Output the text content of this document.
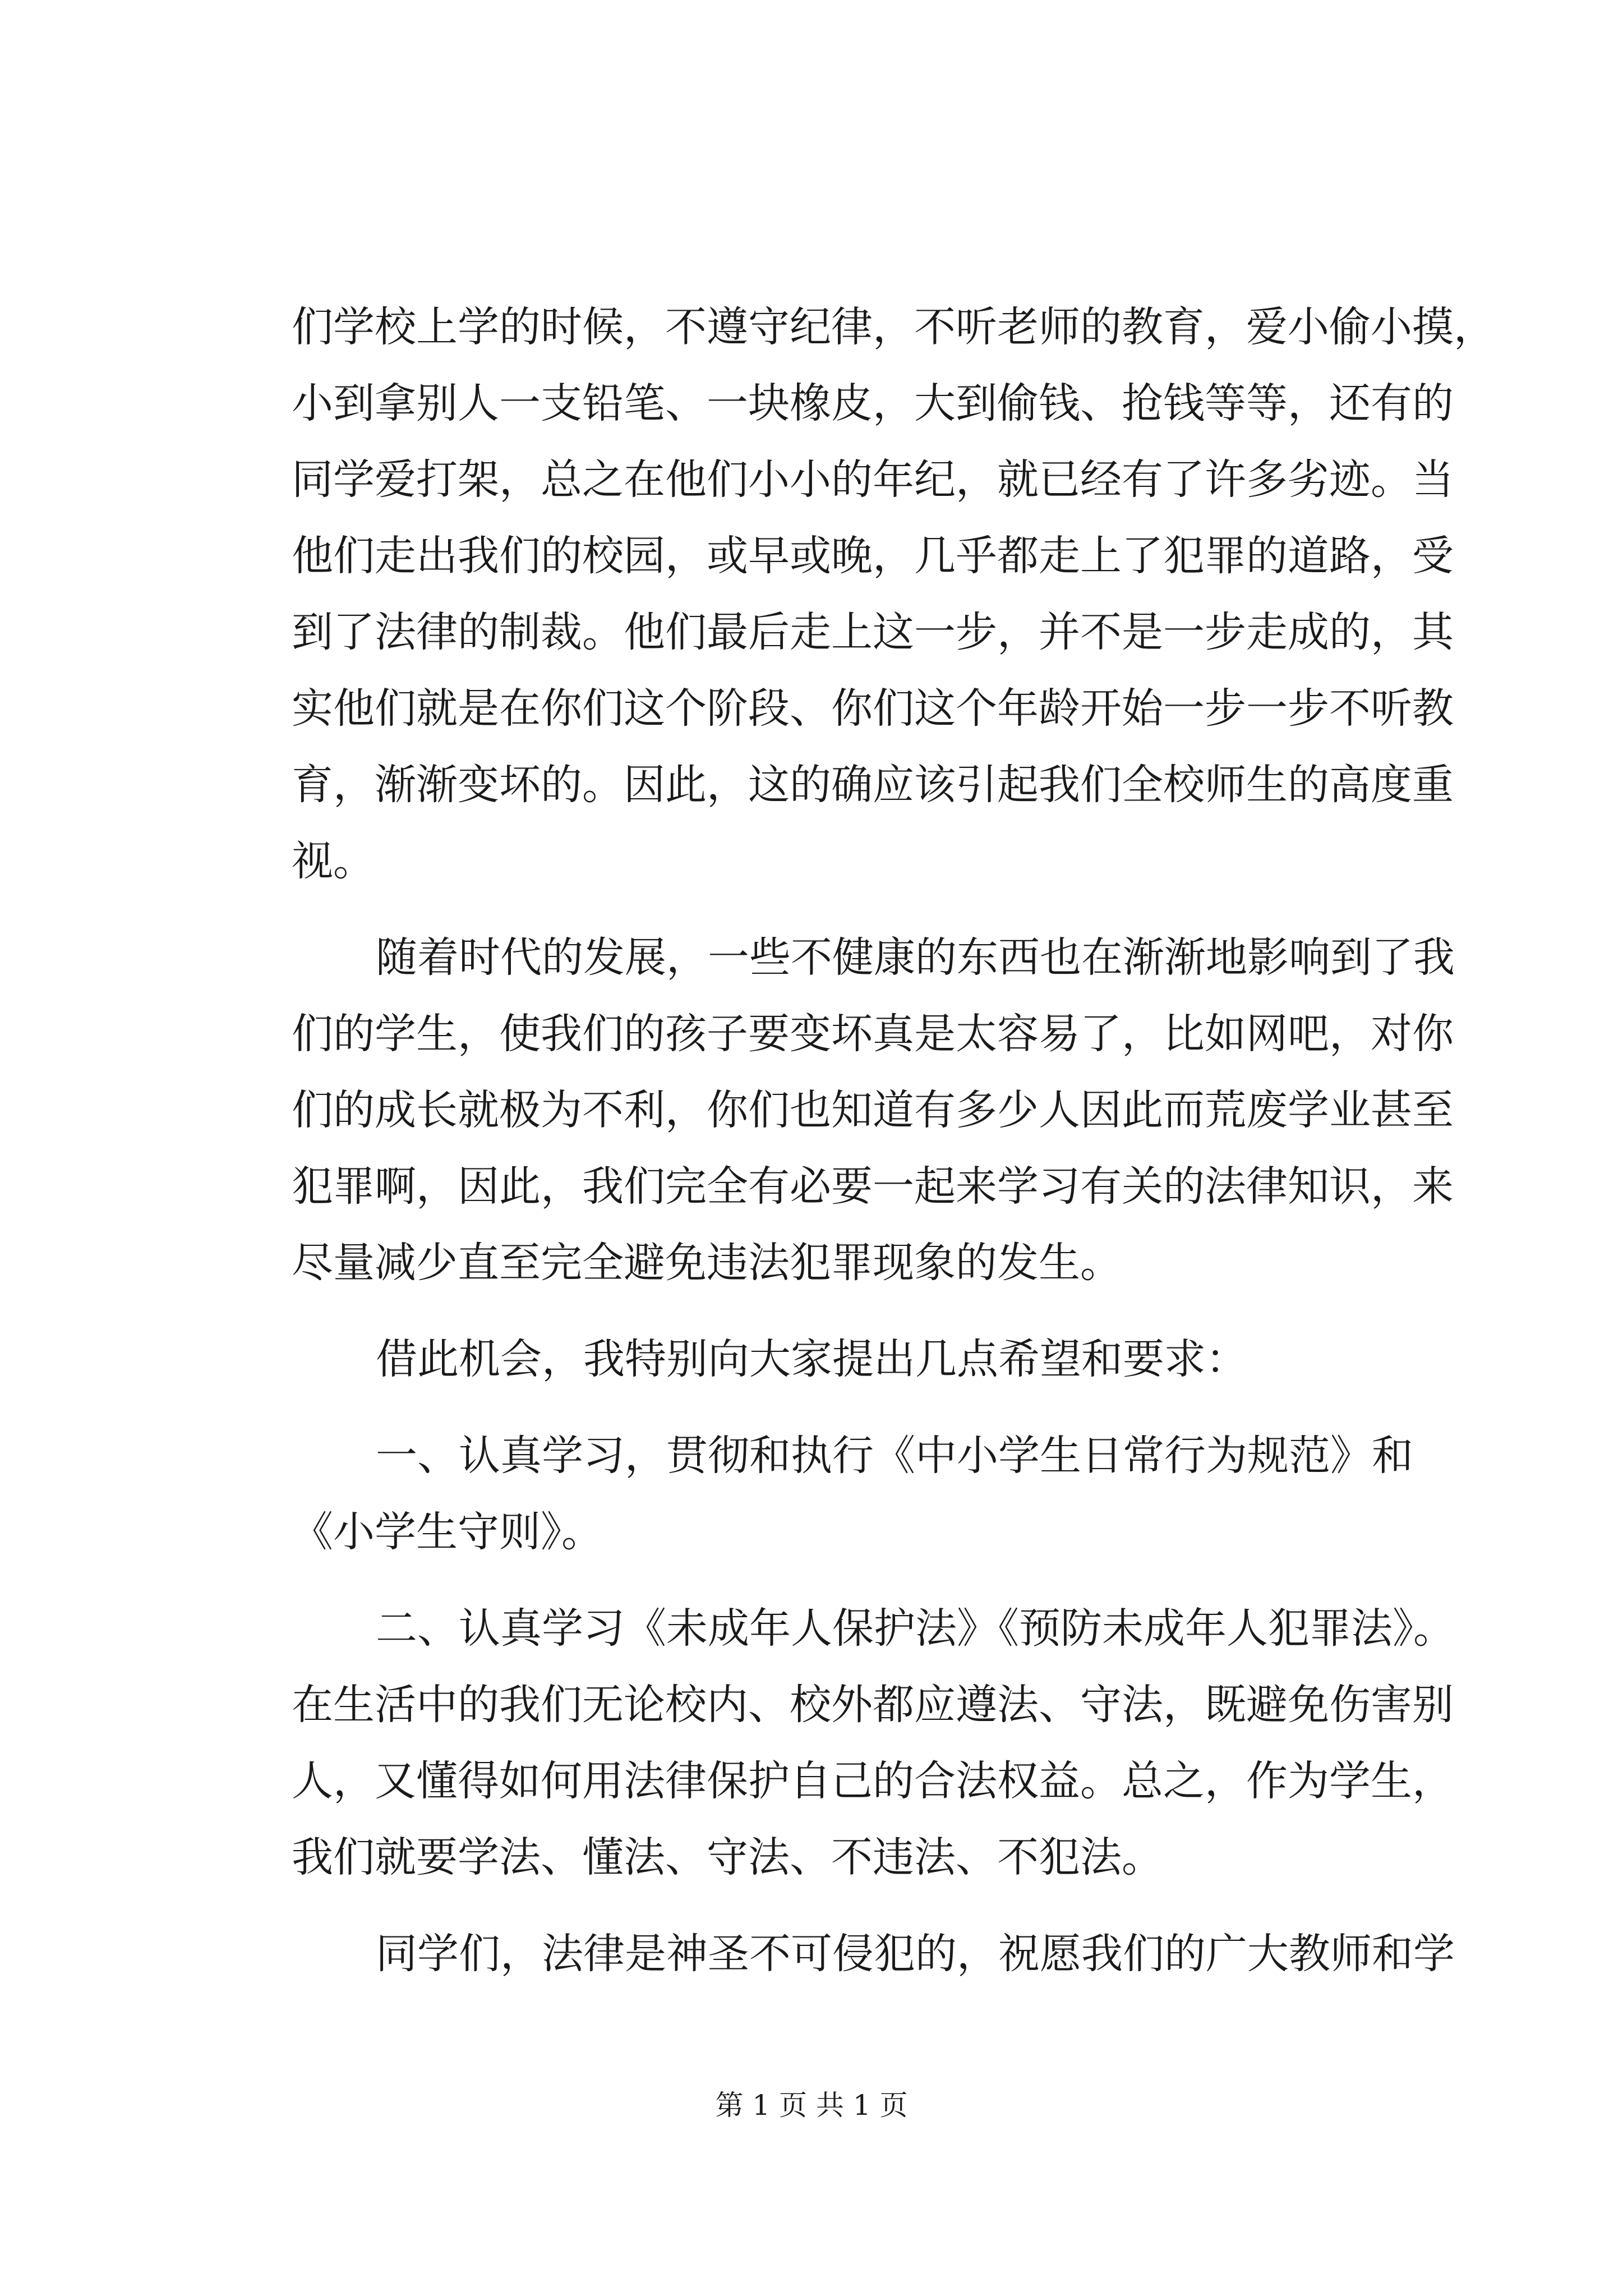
们学校上学的时候，不遵守纪律，不听老师的教育，爱小偷小摸，
小到拿别人一支铅笔、一块橡皮，大到偷钱、抢钱等等，还有的
同学爱打架，总之在他们小小的年纪，就已经有了许多劣迹。当
他们走出我们的校园，或早或晚，几乎都走上了犯罪的道路，受
到了法律的制裁。他们最后走上这一步，并不是一步走成的，其
实他们就是在你们这个阶段、你们这个年龄开始一步一步不听教
育，渐渐变坏的。因此，这的确应该引起我们全校师生的高度重
视。
随着时代的发展，一些不健康的东西也在渐渐地影响到了我
们的学生，使我们的孩子要变坏真是太容易了，比如网吧，对你
们的成长就极为不利，你们也知道有多少人因此而荒废学业甚至
犯罪啊，因此，我们完全有必要一起来学习有关的法律知识，来
尽量减少直至完全避免违法犯罪现象的发生。
借此机会，我特别向大家提出几点希望和要求：
一、认真学习，贯彻和执行《中小学生日常行为规范》和
《小学生守则》。
二、认真学习《未成年人保护法》《预防未成年人犯罪法》。
在生活中的我们无论校内、校外都应遵法、守法，既避免伤害别
人，又懂得如何用法律保护自己的合法权益。总之，作为学生，
我们就要学法、懂法、守法、不违法、不犯法。
同学们，法律是神圣不可侵犯的，祝愿我们的广大教师和学
第 1 页 共 1 页
